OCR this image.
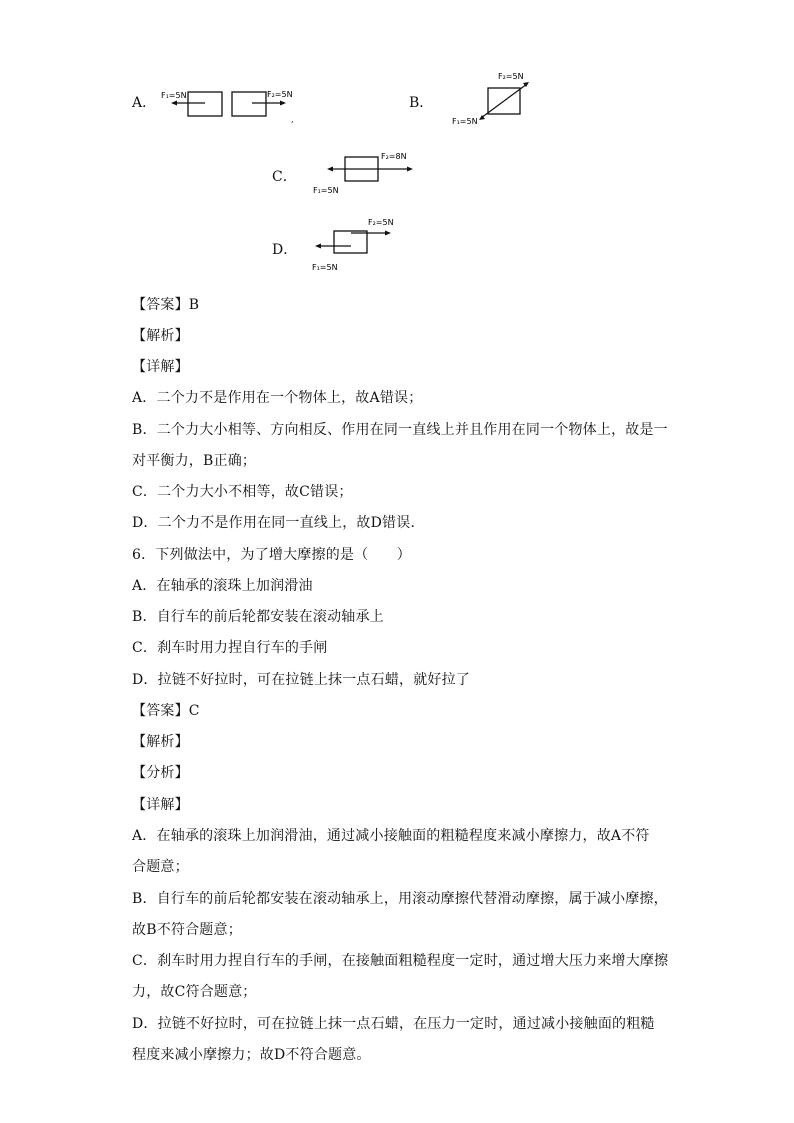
A． F₁=5N	F₂=5N
,
B．
F₂=5N
F₁=5N
C．
F₂=8N
F₁=5N
D．
F₂=5N
F₁=5N
【答案】B
【解析】
【详解】
A．二个力不是作用在一个物体上，故A错误；
B．二个力大小相等、方向相反、作用在同一直线上并且作用在同一个物体上，故是一
对平衡力，B正确；
C．二个力大小不相等，故C错误；
D．二个力不是作用在同一直线上，故D错误．
6．下列做法中，为了增大摩擦的是（　　）
A．在轴承的滚珠上加润滑油
B．自行车的前后轮都安装在滚动轴承上
C．刹车时用力捏自行车的手闸
D．拉链不好拉时，可在拉链上抹一点石蜡，就好拉了
【答案】C
【解析】
【分析】
【详解】
A．在轴承的滚珠上加润滑油，通过减小接触面的粗糙程度来减小摩擦力，故A不符
合题意；
B．自行车的前后轮都安装在滚动轴承上，用滚动摩擦代替滑动摩擦，属于减小摩擦，
故B不符合题意；
C．刹车时用力捏自行车的手闸，在接触面粗糙程度一定时，通过增大压力来增大摩擦
力，故C符合题意；
D．拉链不好拉时，可在拉链上抹一点石蜡，在压力一定时，通过减小接触面的粗糙
程度来减小摩擦力；故D不符合题意。
